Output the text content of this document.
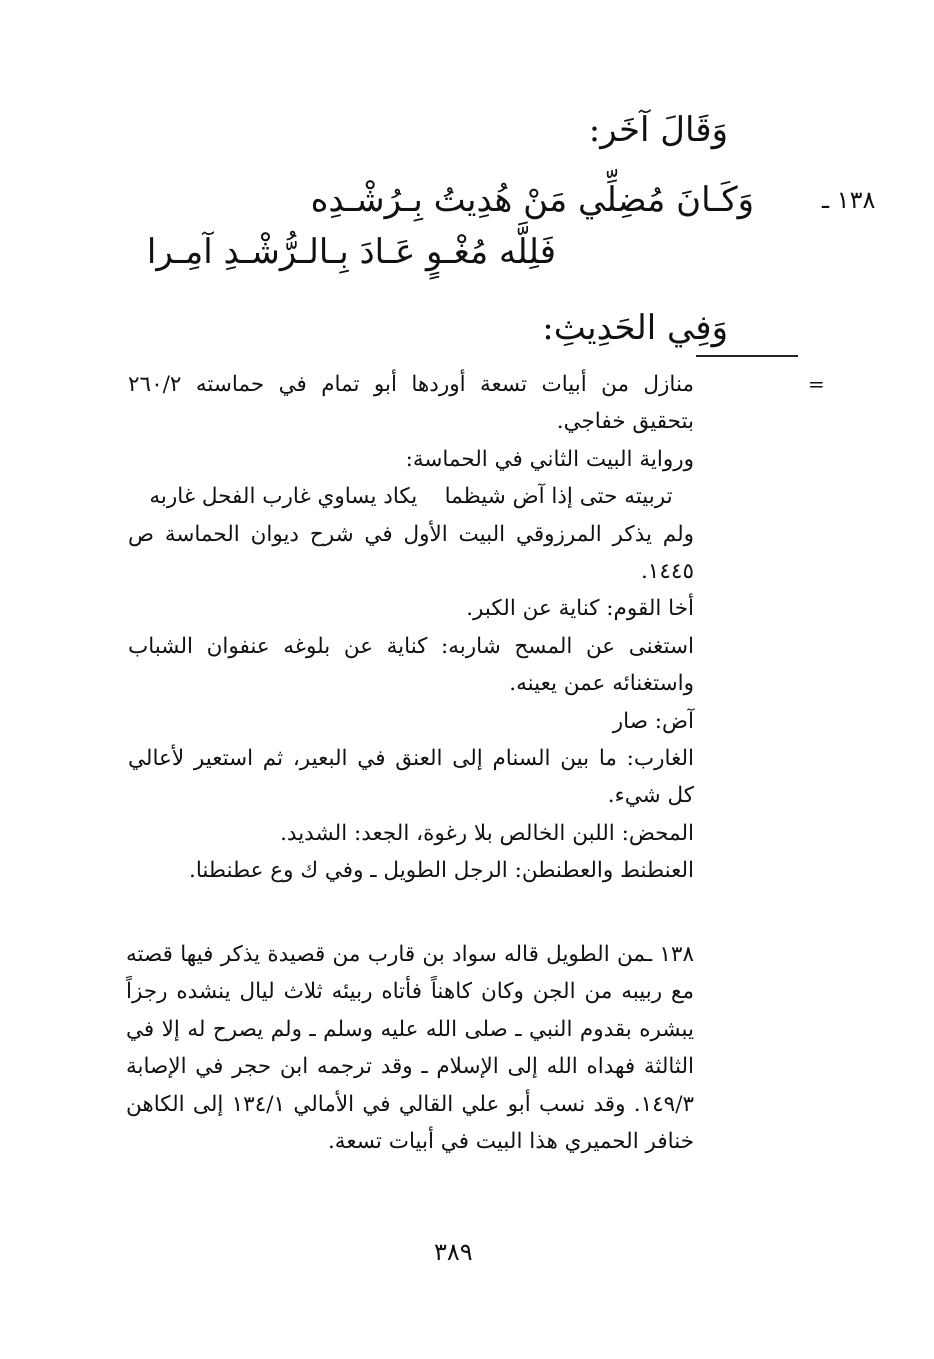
وَقَالَ آخَر:
١٣٨ ـ
وَكَـانَ مُضِلِّي مَنْ هُدِيتُ بِـرُشْـدِه
فَلِلَّه مُغْـوٍ عَـادَ بِـالـرُّشْـدِ آمِـرا
وَفِي الحَدِيثِ:
=

منازل من أبيات تسعة أوردها أبو تمام في حماسته ٢٦٠/٢ بتحقيق خفاجي.

ورواية البيت الثاني في الحماسة:

تربيته حتى إذا آض شيظما    يكاد يساوي غارب الفحل غاربه

ولم يذكر المرزوقي البيت الأول في شرح ديوان الحماسة ص ١٤٤٥.

أخا القوم: كناية عن الكبر.

استغنى عن المسح شاربه: كناية عن بلوغه عنفوان الشباب واستغنائه عمن يعينه.

آض: صار

الغارب: ما بين السنام إلى العنق في البعير، ثم استعير لأعالي كل شيء.

المحض: اللبن الخالص بلا رغوة، الجعد: الشديد.

العنطنط والعطنطن: الرجل الطويل ـ وفي ك وع عطنطنا.

١٣٨ ـمن الطويل قاله سواد بن قارب من قصيدة يذكر فيها قصته مع ربيبه من الجن وكان كاهناً فأتاه ربيئه ثلاث ليال ينشده رجزاً يبشره بقدوم النبي ـ صلى الله عليه وسلم ـ ولم يصرح له إلا في الثالثة فهداه الله إلى الإسلام ـ وقد ترجمه ابن حجر في الإصابة ١٤٩/٣. وقد نسب أبو علي القالي في الأمالي ١٣٤/١ إلى الكاهن خنافر الحميري هذا البيت في أبيات تسعة.

٣٨٩
